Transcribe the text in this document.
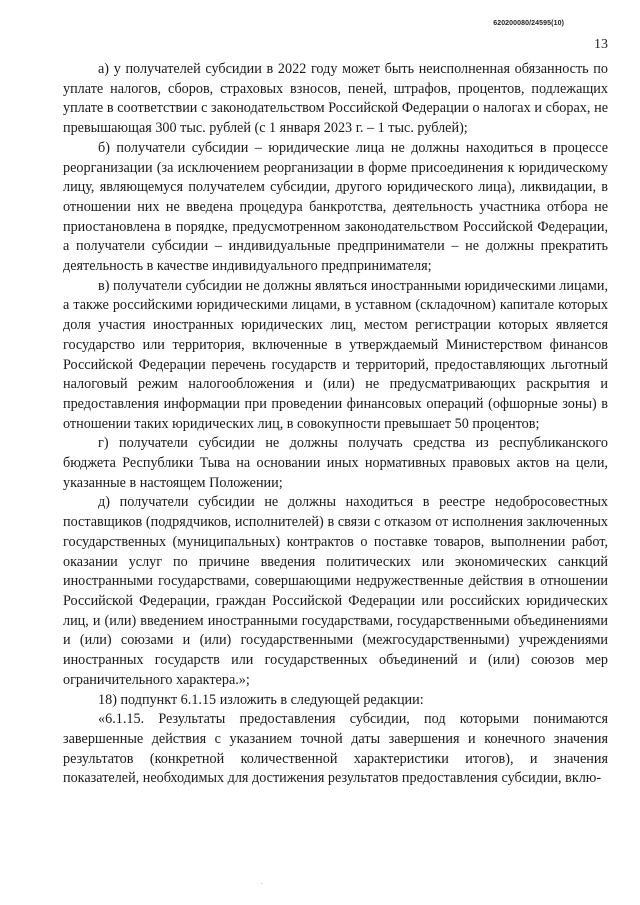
620200080/24595(10)
13

а) у получателей субсидии в 2022 году может быть неисполненная обязанность по уплате налогов, сборов, страховых взносов, пеней, штрафов, процентов, подлежащих уплате в соответствии с законодательством Российской Федерации о налогах и сборах, не превышающая 300 тыс. рублей (с 1 января 2023 г. – 1 тыс. рублей);

б) получатели субсидии – юридические лица не должны находиться в процессе реорганизации (за исключением реорганизации в форме присоединения к юридическому лицу, являющемуся получателем субсидии, другого юридического лица), ликвидации, в отношении них не введена процедура банкротства, деятельность участника отбора не приостановлена в порядке, предусмотренном законодательством Российской Федерации, а получатели субсидии – индивидуальные предприниматели – не должны прекратить деятельность в качестве индивидуального предпринимателя;

в) получатели субсидии не должны являться иностранными юридическими лицами, а также российскими юридическими лицами, в уставном (складочном) капитале которых доля участия иностранных юридических лиц, местом регистрации которых является государство или территория, включенные в утверждаемый Министерством финансов Российской Федерации перечень государств и территорий, предоставляющих льготный налоговый режим налогообложения и (или) не предусматривающих раскрытия и предоставления информации при проведении финансовых операций (офшорные зоны) в отношении таких юридических лиц, в совокупности превышает 50 процентов;

г) получатели субсидии не должны получать средства из республиканского бюджета Республики Тыва на основании иных нормативных правовых актов на цели, указанные в настоящем Положении;

д) получатели субсидии не должны находиться в реестре недобросовестных поставщиков (подрядчиков, исполнителей) в связи с отказом от исполнения заключенных государственных (муниципальных) контрактов о поставке товаров, выполнении работ, оказании услуг по причине введения политических или экономических санкций иностранными государствами, совершающими недружественные действия в отношении Российской Федерации, граждан Российской Федерации или российских юридических лиц, и (или) введением иностранными государствами, государственными объединениями и (или) союзами и (или) государственными (межгосударственными) учреждениями иностранных государств или государственных объединений и (или) союзов мер ограничительного характера.»;

18) подпункт 6.1.15 изложить в следующей редакции:

«6.1.15. Результаты предоставления субсидии, под которыми понимаются завершенные действия с указанием точной даты завершения и конечного значения результатов (конкретной количественной характеристики итогов), и значения показателей, необходимых для достижения результатов предоставления субсидии, вклю-
